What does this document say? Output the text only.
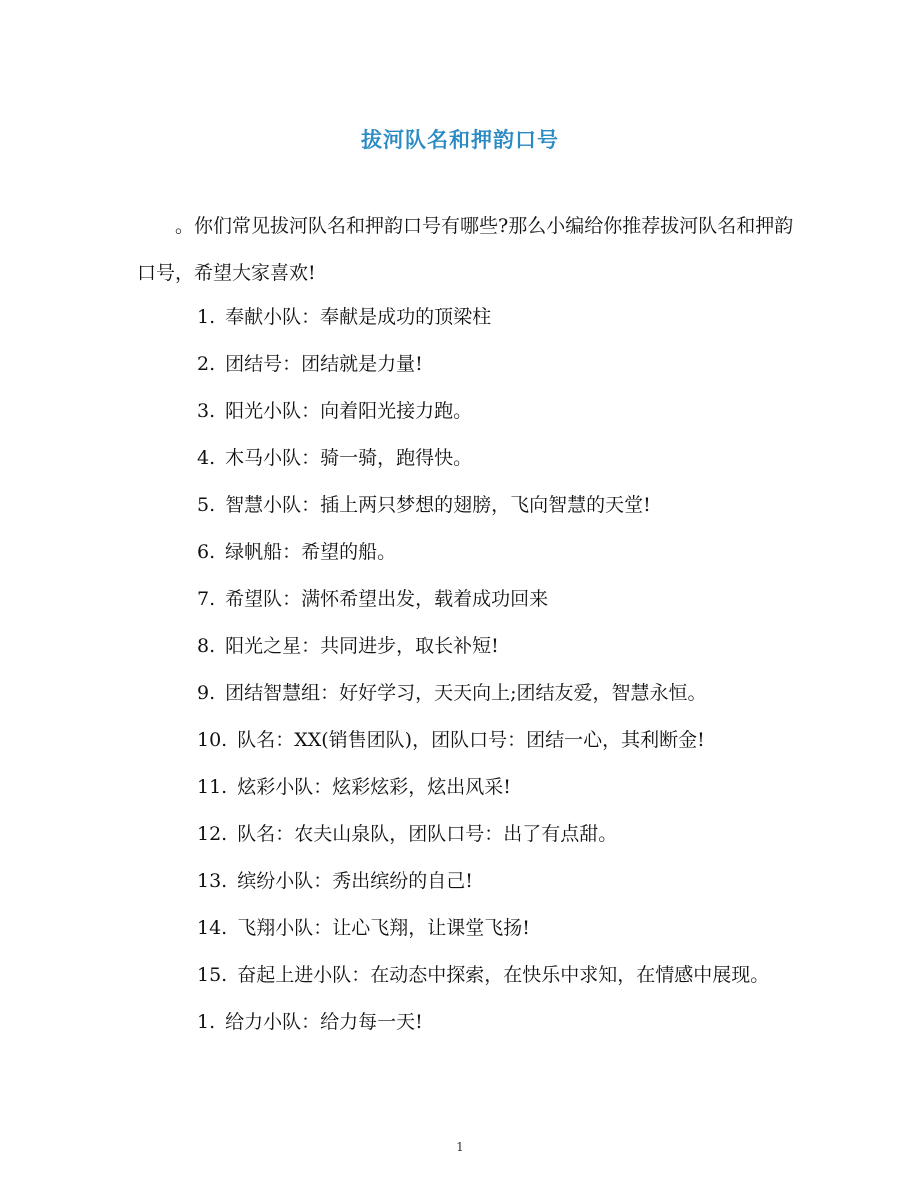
拔河队名和押韵口号
。你们常见拔河队名和押韵口号有哪些?那么小编给你推荐拔河队名和押韵口号，希望大家喜欢!
1. 奉献小队：奉献是成功的顶梁柱
2. 团结号：团结就是力量!
3. 阳光小队：向着阳光接力跑。
4. 木马小队：骑一骑，跑得快。
5. 智慧小队：插上两只梦想的翅膀，飞向智慧的天堂!
6. 绿帆船：希望的船。
7. 希望队：满怀希望出发，载着成功回来
8. 阳光之星：共同进步，取长补短!
9. 团结智慧组：好好学习，天天向上;团结友爱，智慧永恒。
10. 队名：XX(销售团队)，团队口号：团结一心，其利断金!
11. 炫彩小队：炫彩炫彩，炫出风采!
12. 队名：农夫山泉队，团队口号：出了有点甜。
13. 缤纷小队：秀出缤纷的自己!
14. 飞翔小队：让心飞翔，让课堂飞扬!
15. 奋起上进小队：在动态中探索，在快乐中求知，在情感中展现。
1. 给力小队：给力每一天!
1
